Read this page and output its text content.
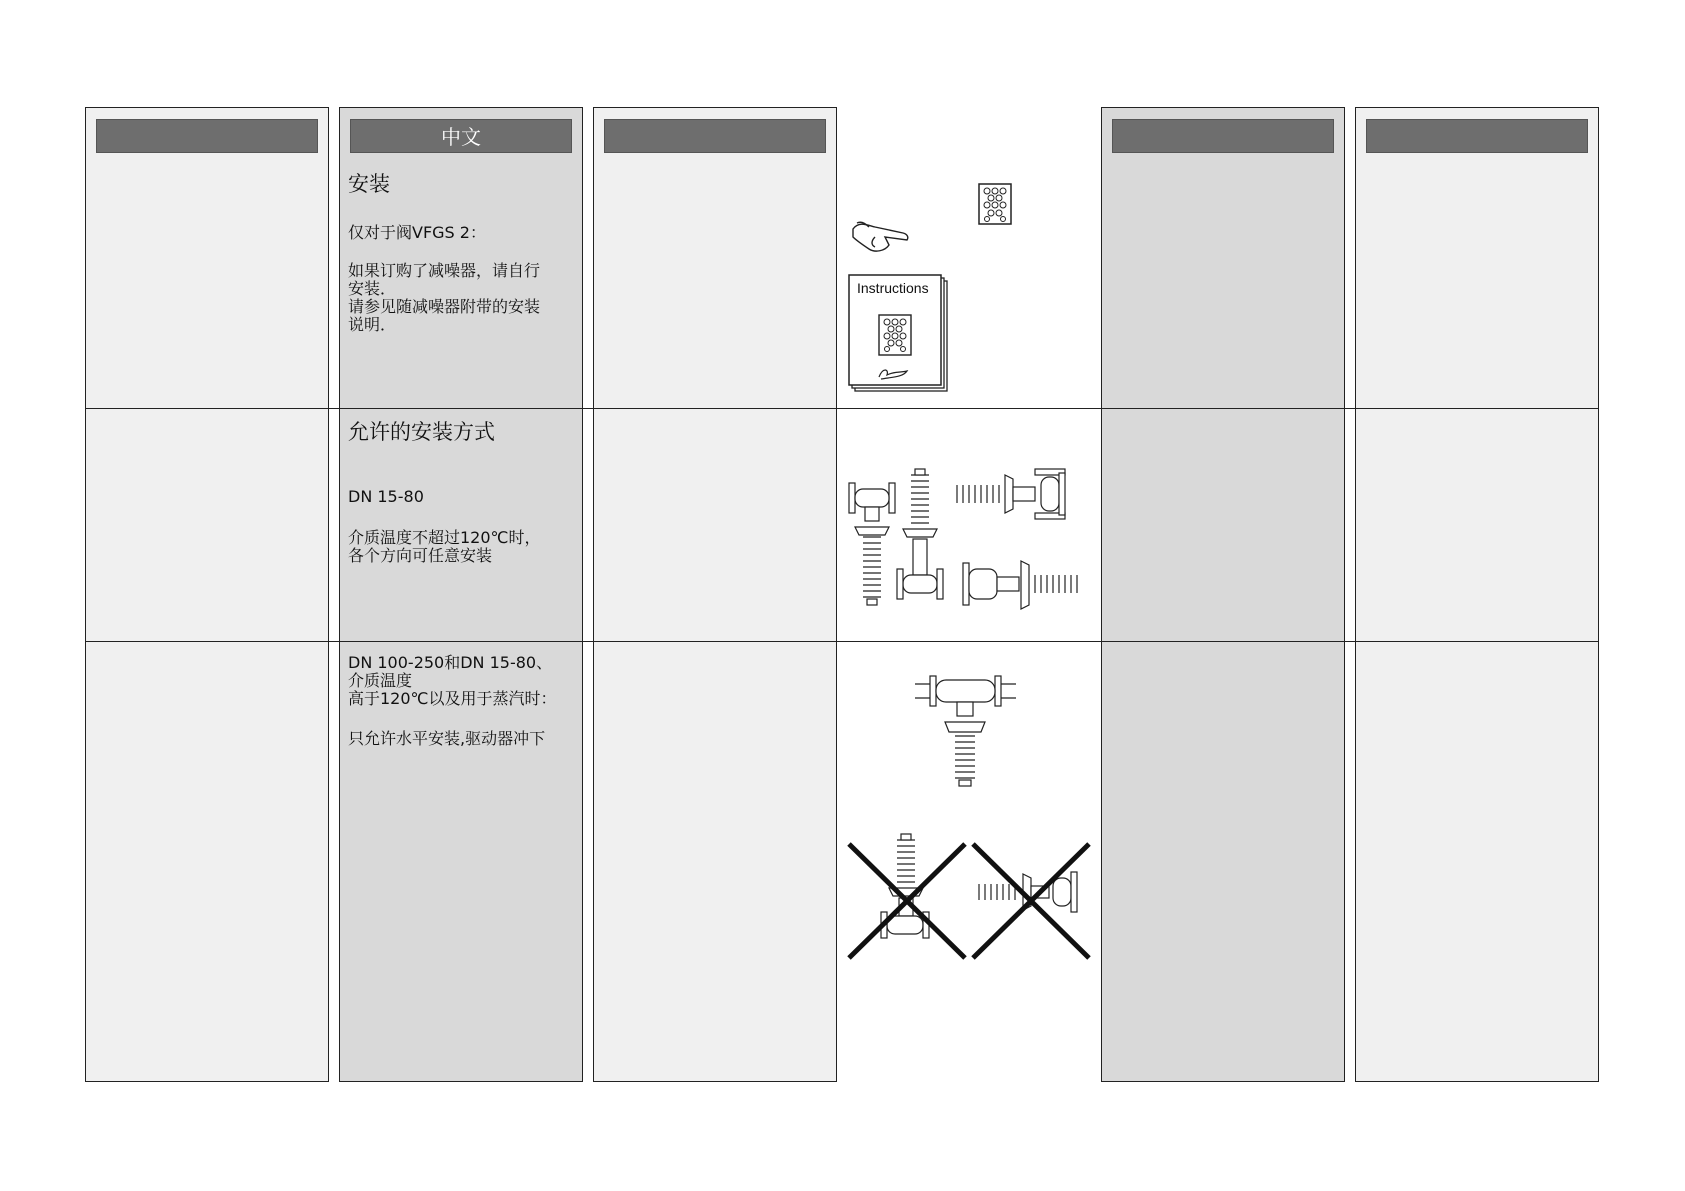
中文
安装
仅对于阀VFGS 2：
如果订购了减噪器，请自行
安装．
请参见随减噪器附带的安装
说明．
允许的安装方式
DN 15-80
介质温度不超过120℃时，
各个方向可任意安装
DN 100-250和DN 15-80、
介质温度
高于120℃以及用于蒸汽时：
只允许水平安装,驱动器冲下
Instructions
